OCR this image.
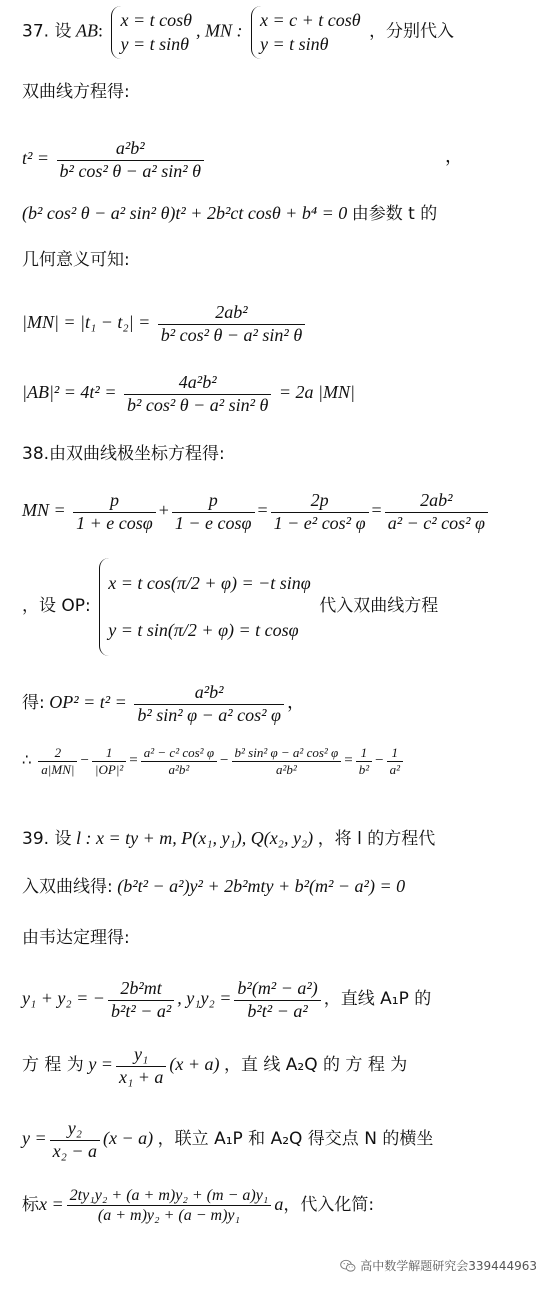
37. 设 AB:
x = t cosθ
y = t sinθ
, MN :
x = c + t cosθ
y = t sinθ
，分别代入
双曲线方程得:
$t^2 = \frac{\text{a²b²}}{\text{b² cos² θ − a² sin² θ}}$	，
(b² cos² θ − a² sin² θ)t² + 2b²ct cosθ + b⁴ = 0 由参数 t 的
几何意义可知:
$|MN| = |t_1 - t_2| = \frac{\text{2ab²}}{\text{b² cos² θ − a² sin² θ}}$
$|AB|^2 = 4t^2 = \frac{\text{4a²b²}}{\text{b² cos² θ − a² sin² θ}} = 2a$ |MN|
38.由双曲线极坐标方程得:
MN = $\frac{p}{\text{1 + e cosφ}} + \frac{p}{\text{1 − e cosφ}} = \frac{2p}{\text{1 − e² cos² φ}} = \frac{\text{2ab²}}{\text{a² − c² cos² φ}}$
，设 OP:
x = t cos(π/2 + φ) = −t sinφ
y = t sin(π/2 + φ) = t cosφ
代入双曲线方程
得: $OP^2 = t^2 = \frac{\text{a²b²}}{\text{b² sin² φ − a² cos² φ}}$ ，
∴ $\frac{2}{a|MN|} - \frac{1}{\text{|OP|²}} = \frac{\text{a² − c² cos² φ}}{\text{a²b²}} - \frac{\text{b² sin² φ − a² cos² φ}}{\text{a²b²}} = \frac{1}{\text{b²}} - \frac{1}{\text{a²}}$
39. 设 l : x = ty + m, P(x₁, y₁), Q(x₂, y₂) ，将 l 的方程代
入双曲线得: (b²t² − a²)y² + 2b²mty + b²(m² − a²) = 0
由韦达定理得:
y₁ + y₂ = − $\frac{\text{2b²mt}}{\text{b²t² − a²}}$ , $y_1y_2 = \frac{\text{b²(m² − a²)}}{\text{b²t² − a²}}$ ，直线 A₁P 的
方 程 为 $y = \frac{\text{y₁}}{\text{x₁ + a}} (x + a)$ ，直 线 A₂Q 的 方 程 为
$y = \frac{\text{y₂}}{\text{x₂ − a}} (x - a)$ ，联立 A₁P 和 A₂Q 得交点 N 的横坐
标$x = \frac{\text{2ty₁y₂ + (a + m)y₂ + (m − a)y₁}}{\text{(a + m)y₂ + (a − m)y₁}}$ a，代入化简:
高中数学解题研究会339444963
